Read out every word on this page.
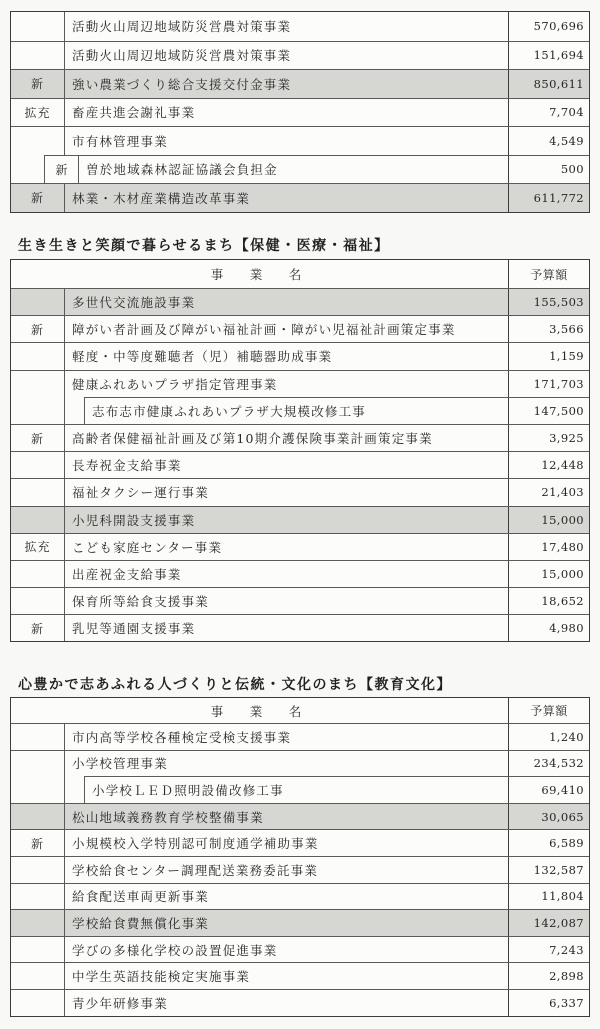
活動火山周辺地域防災営農対策事業	570,696
活動火山周辺地域防災営農対策事業	151,694
新	強い農業づくり総合支援交付金事業	850,611
拡充	畜産共進会謝礼事業	7,704
市有林管理事業	4,549
新	曽於地域森林認証協議会負担金	500
新	林業・木材産業構造改革事業	611,772
生き生きと笑顔で暮らせるまち【保健・医療・福祉】
事　業　名	予算額
多世代交流施設事業	155,503
新	障がい者計画及び障がい福祉計画・障がい児福祉計画策定事業	3,566
軽度・中等度難聴者（児）補聴器助成事業	1,159
健康ふれあいプラザ指定管理事業	171,703
志布志市健康ふれあいプラザ大規模改修工事	147,500
新	高齢者保健福祉計画及び第10期介護保険事業計画策定事業	3,925
長寿祝金支給事業	12,448
福祉タクシー運行事業	21,403
小児科開設支援事業	15,000
拡充	こども家庭センター事業	17,480
出産祝金支給事業	15,000
保育所等給食支援事業	18,652
新	乳児等通園支援事業	4,980
心豊かで志あふれる人づくりと伝統・文化のまち【教育文化】
事　業　名	予算額
市内高等学校各種検定受検支援事業	1,240
小学校管理事業	234,532
小学校ＬＥＤ照明設備改修工事	69,410
松山地域義務教育学校整備事業	30,065
新	小規模校入学特別認可制度通学補助事業	6,589
学校給食センター調理配送業務委託事業	132,587
給食配送車両更新事業	11,804
学校給食費無償化事業	142,087
学びの多様化学校の設置促進事業	7,243
中学生英語技能検定実施事業	2,898
青少年研修事業	6,337
